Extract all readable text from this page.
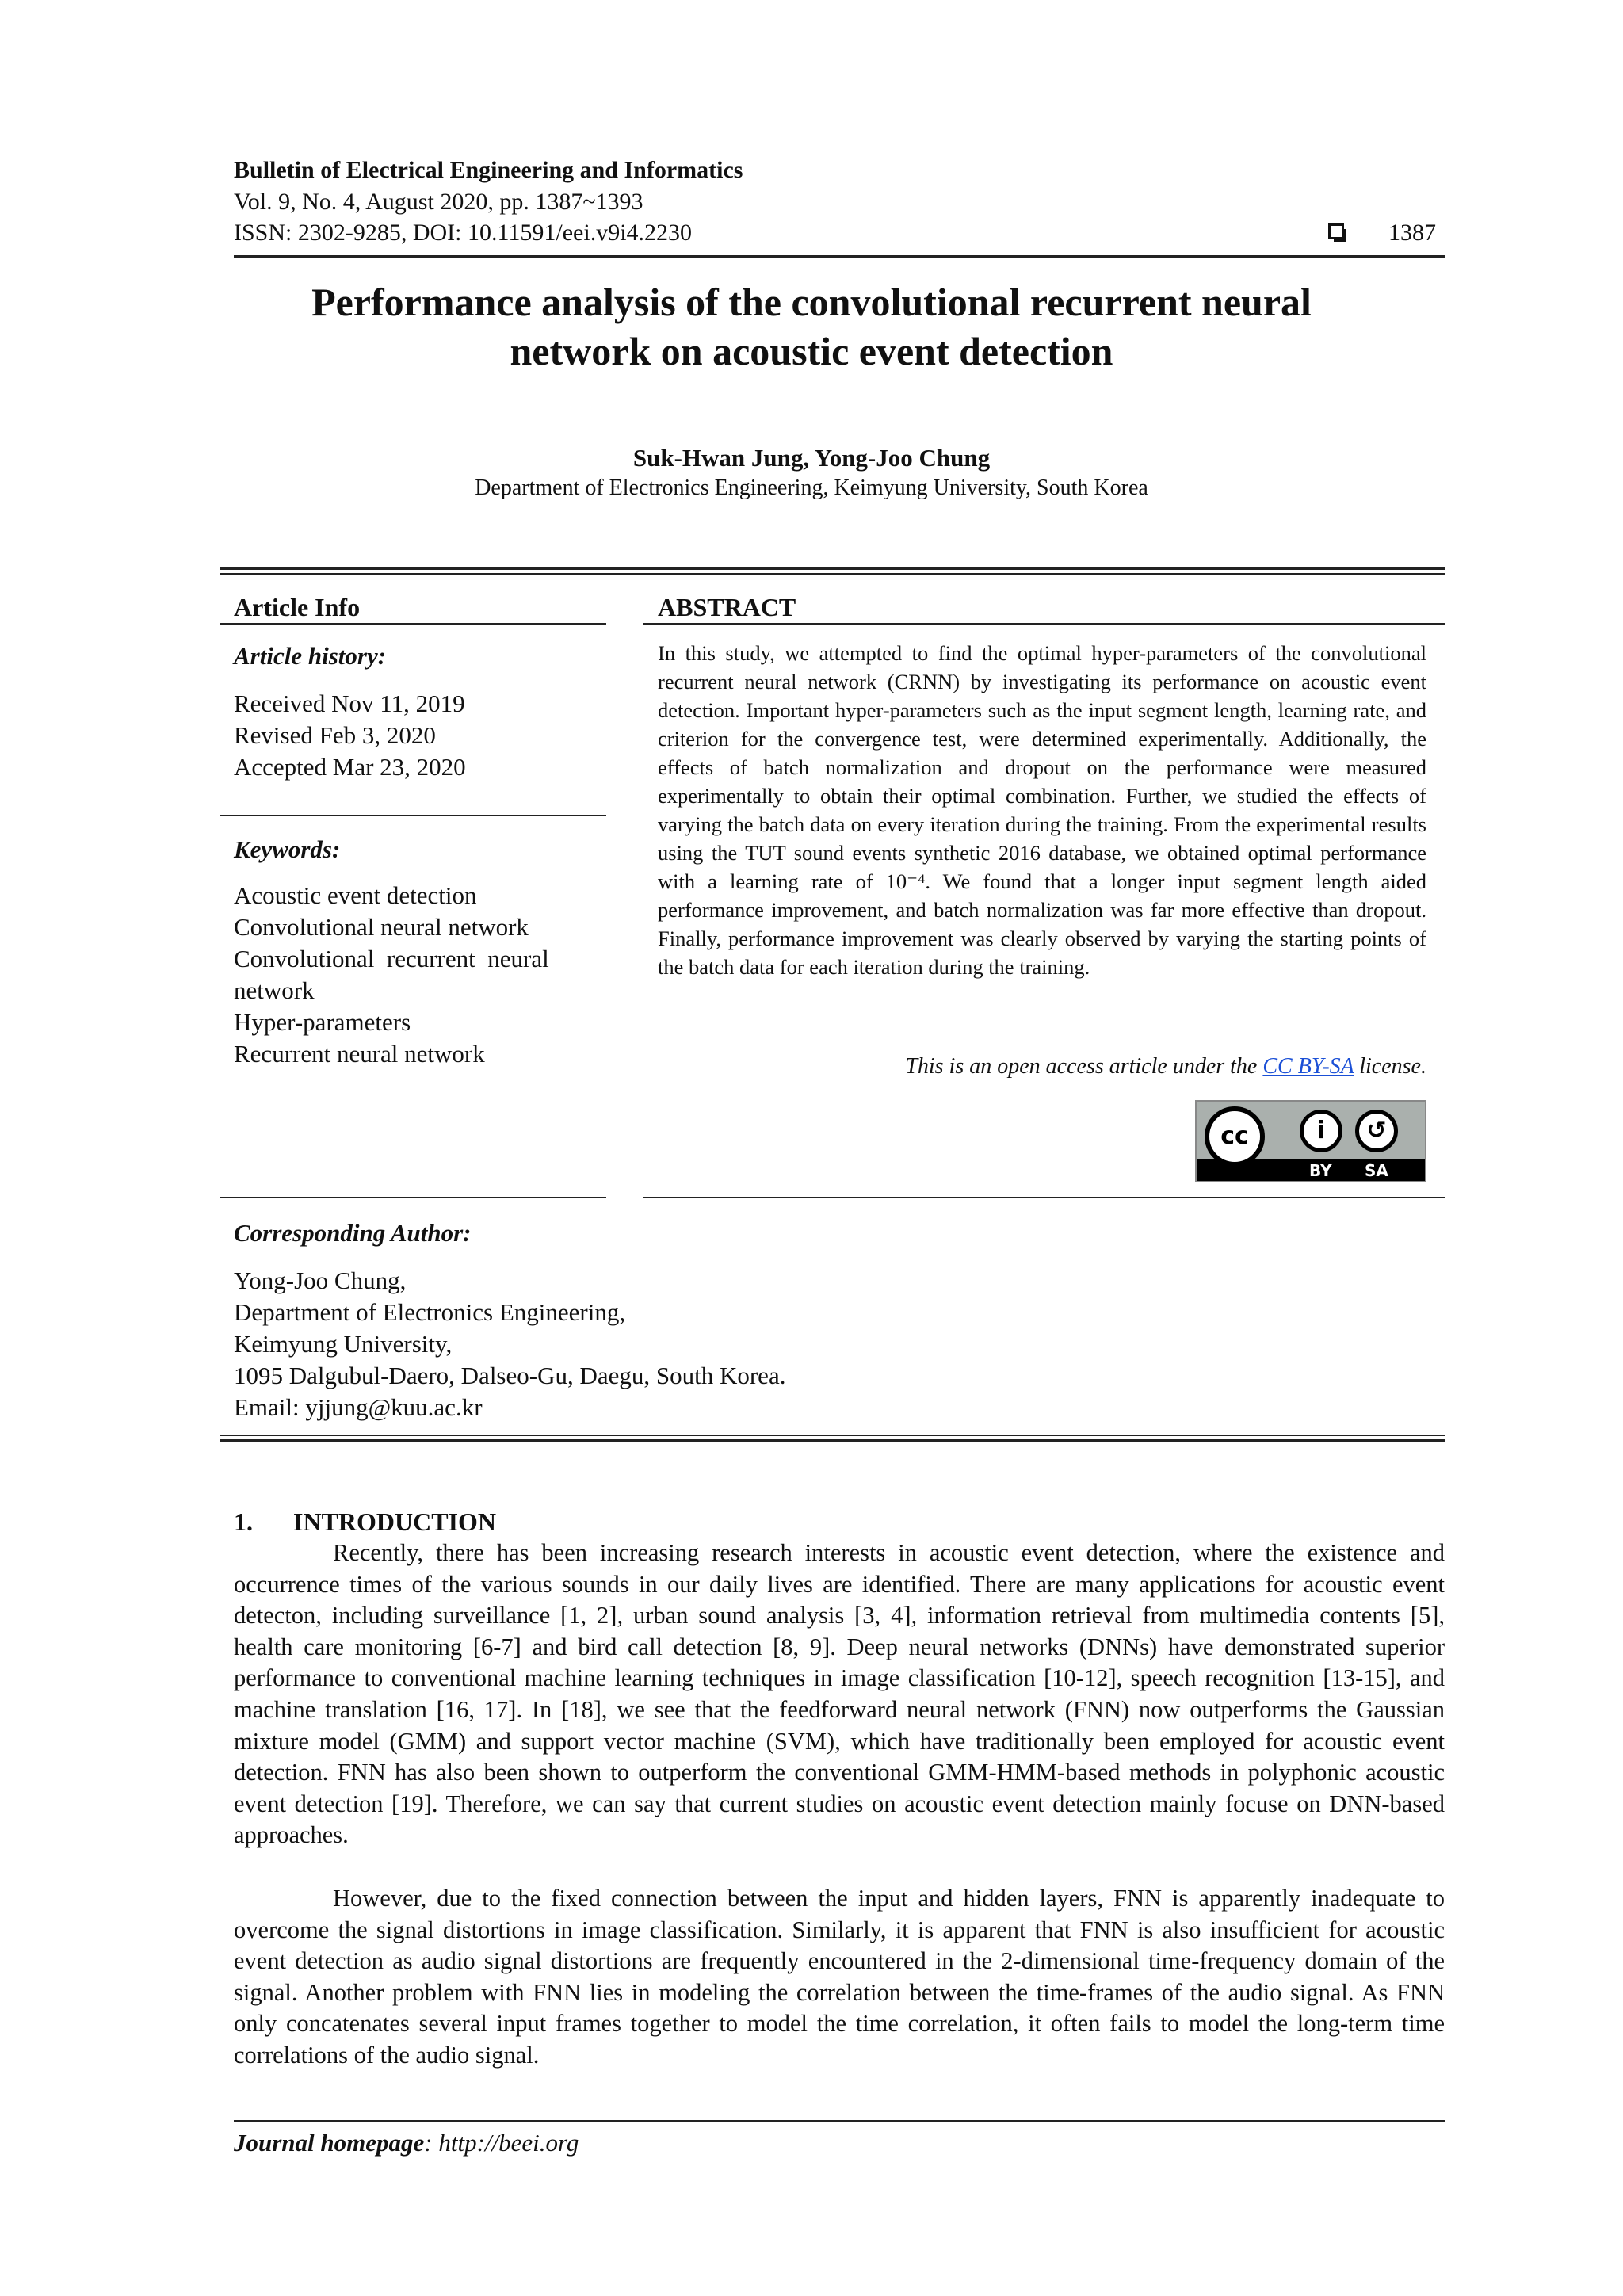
Bulletin of Electrical Engineering and Informatics
Vol. 9, No. 4, August 2020, pp. 1387~1393
ISSN: 2302-9285, DOI: 10.11591/eei.v9i4.2230	1387
Performance analysis of the convolutional recurrent neural
network on acoustic event detection
Suk-Hwan Jung, Yong-Joo Chung
Department of Electronics Engineering, Keimyung University, South Korea
Article Info
Article history:
Received Nov 11, 2019
Revised Feb 3, 2020
Accepted Mar 23, 2020
Keywords:
Acoustic event detection
Convolutional neural network
Convolutional  recurrent  neural
network
Hyper-parameters
Recurrent neural network
ABSTRACT
In this study, we attempted to find the optimal hyper-parameters of the convolutional recurrent neural network (CRNN) by investigating its performance on acoustic event detection. Important hyper-parameters such as the input segment length, learning rate, and criterion for the convergence test, were determined experimentally. Additionally, the effects of batch normalization and dropout on the performance were measured experimentally to obtain their optimal combination. Further, we studied the effects of varying the batch data on every iteration during the training. From the experimental results using the TUT sound events synthetic 2016 database, we obtained optimal performance with a learning rate of 10⁻⁴. We found that a longer input segment length aided performance improvement, and batch normalization was far more effective than dropout. Finally, performance improvement was clearly observed by varying the starting points of the batch data for each iteration during the training.
This is an open access article under the CC BY-SA license.
cc	i	↺
BY SA
Corresponding Author:
Yong-Joo Chung,
Department of Electronics Engineering,
Keimyung University,
1095 Dalgubul-Daero, Dalseo-Gu, Daegu, South Korea.
Email: yjjung@kuu.ac.kr
1. INTRODUCTION

Recently, there has been increasing research interests in acoustic event detection, where the existence and occurrence times of the various sounds in our daily lives are identified. There are many applications for acoustic event detecton, including surveillance [1, 2], urban sound analysis [3, 4], information retrieval from multimedia contents [5], health care monitoring [6-7] and bird call detection [8, 9]. Deep neural networks (DNNs) have demonstrated superior performance to conventional machine learning techniques in image classification [10-12], speech recognition [13-15], and machine translation [16, 17]. In [18], we see that the feedforward neural network (FNN) now outperforms the Gaussian mixture model (GMM) and support vector machine (SVM), which have traditionally been employed for acoustic event detection. FNN has also been shown to outperform the conventional GMM-HMM-based methods in polyphonic acoustic event detection [19]. Therefore, we can say that current studies on acoustic event detection mainly focuse on DNN-based approaches.

However, due to the fixed connection between the input and hidden layers, FNN is apparently inadequate to overcome the signal distortions in image classification. Similarly, it is apparent that FNN is also insufficient for acoustic event detection as audio signal distortions are frequently encountered in the 2-dimensional time-frequency domain of the signal. Another problem with FNN lies in modeling the correlation between the time-frames of the audio signal. As FNN only concatenates several input frames together to model the time correlation, it often fails to model the long-term time correlations of the audio signal.

Journal homepage: http://beei.org
